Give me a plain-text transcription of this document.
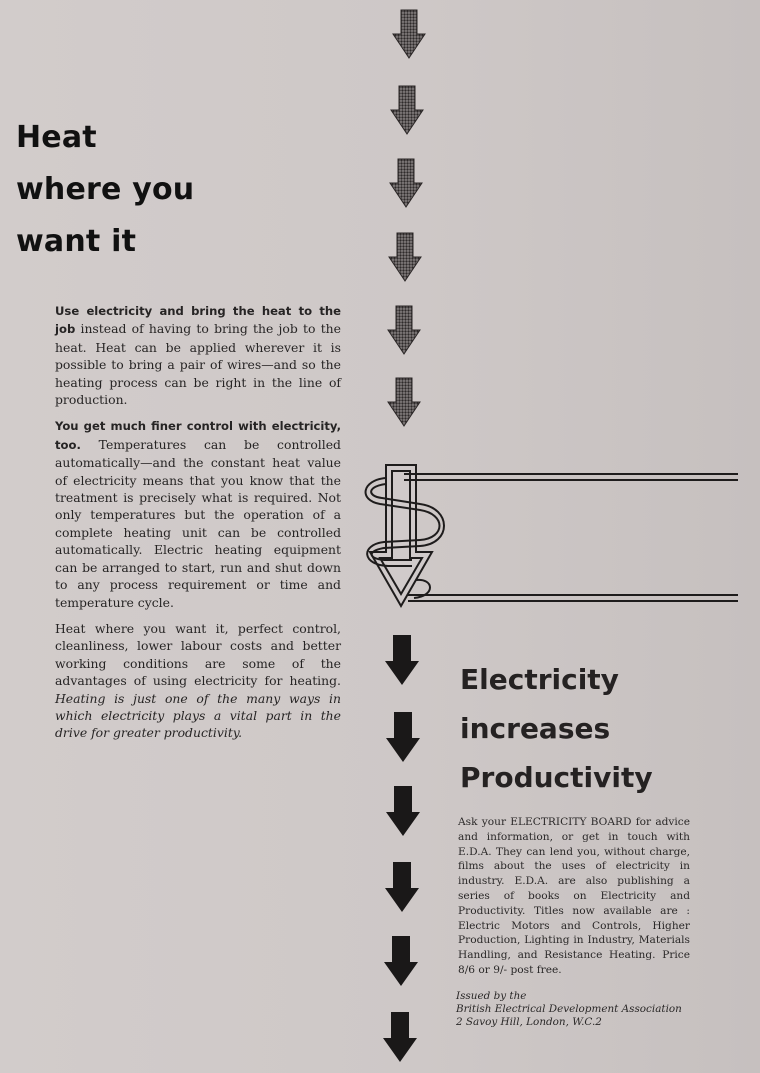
Heat
where you
want it

Use electricity and bring the heat to the job instead of having to bring the job to the heat. Heat can be applied wherever it is possible to bring a pair of wires—and so the heating process can be right in the line of production.

You get much finer control with electricity, too. Temperatures can be controlled automatically—and the constant heat value of electricity means that you know that the treatment is precisely what is required. Not only temperatures but the operation of a complete heating unit can be controlled automatically. Electric heating equipment can be arranged to start, run and shut down to any process requirement or time and temperature cycle.

Heat where you want it, perfect control, cleanliness, lower labour costs and better working conditions are some of the advantages of using electricity for heating. Heating is just one of the many ways in which electricity plays a vital part in the drive for greater productivity.

Electricity
increases
Productivity

Ask your ELECTRICITY BOARD for advice and information, or get in touch with E.D.A. They can lend you, without charge, films about the uses of electricity in industry. E.D.A. are also publishing a series of books on Electricity and Productivity. Titles now available are : Electric Motors and Controls, Higher Production, Lighting in Industry, Materials Handling, and Resistance Heating. Price 8/6 or 9/- post free.

Issued by the
British Electrical Development Association
2 Savoy Hill, London, W.C.2
